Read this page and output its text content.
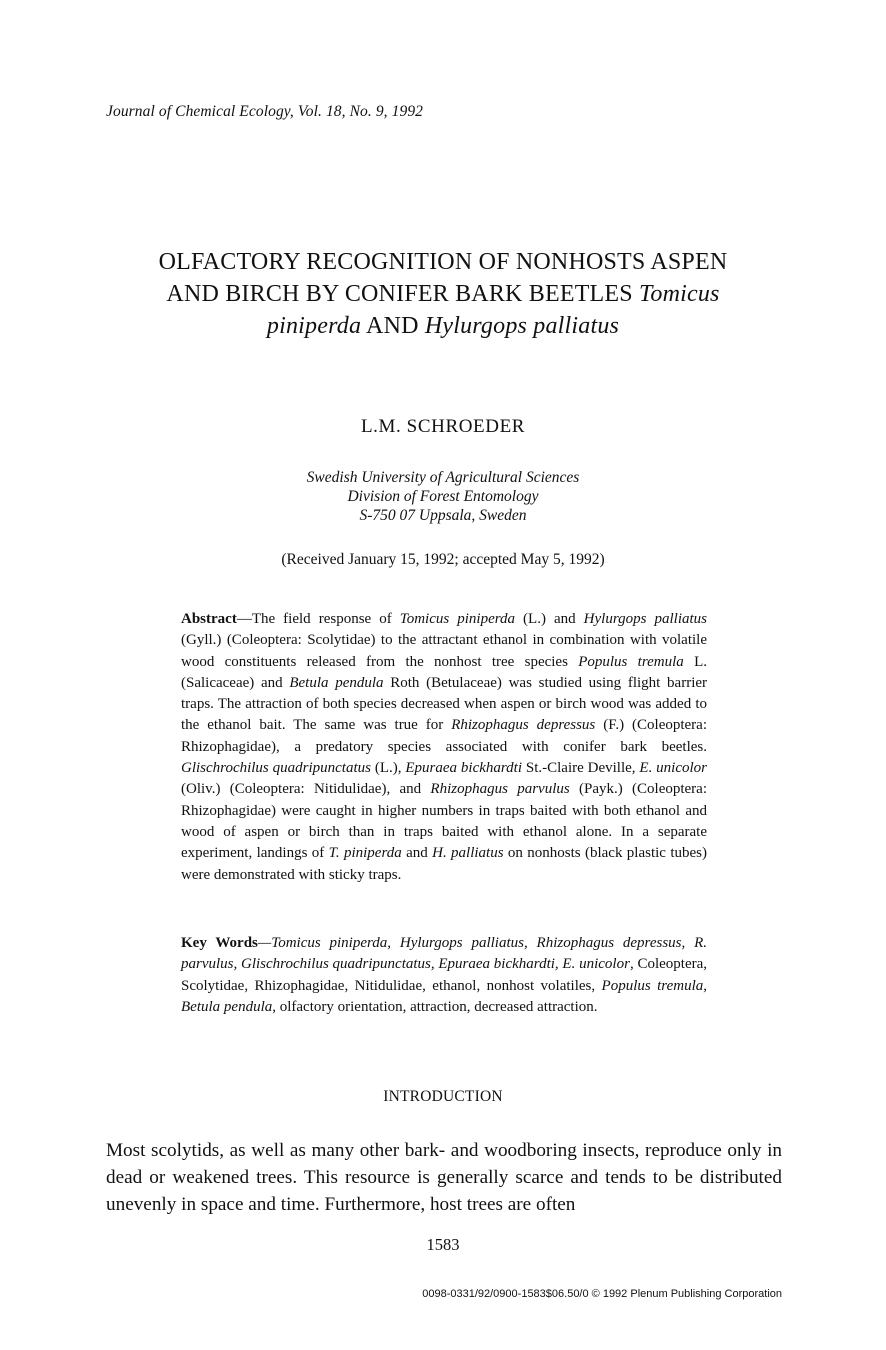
Journal of Chemical Ecology, Vol. 18, No. 9, 1992
OLFACTORY RECOGNITION OF NONHOSTS ASPEN
AND BIRCH BY CONIFER BARK BEETLES Tomicus
piniperda AND Hylurgops palliatus
L.M. SCHROEDER
Swedish University of Agricultural Sciences
Division of Forest Entomology
S-750 07 Uppsala, Sweden
(Received January 15, 1992; accepted May 5, 1992)
Abstract—The field response of Tomicus piniperda (L.) and Hylurgops palliatus (Gyll.) (Coleoptera: Scolytidae) to the attractant ethanol in combination with volatile wood constituents released from the nonhost tree species Populus tremula L. (Salicaceae) and Betula pendula Roth (Betulaceae) was studied using flight barrier traps. The attraction of both species decreased when aspen or birch wood was added to the ethanol bait. The same was true for Rhizophagus depressus (F.) (Coleoptera: Rhizophagidae), a predatory species associated with conifer bark beetles. Glischrochilus quadripunctatus (L.), Epuraea bickhardti St.-Claire Deville, E. unicolor (Oliv.) (Coleoptera: Nitidulidae), and Rhizophagus parvulus (Payk.) (Coleoptera: Rhizophagidae) were caught in higher numbers in traps baited with both ethanol and wood of aspen or birch than in traps baited with ethanol alone. In a separate experiment, landings of T. piniperda and H. palliatus on nonhosts (black plastic tubes) were demonstrated with sticky traps.
Key Words—Tomicus piniperda, Hylurgops palliatus, Rhizophagus depressus, R. parvulus, Glischrochilus quadripunctatus, Epuraea bickhardti, E. unicolor, Coleoptera, Scolytidae, Rhizophagidae, Nitidulidae, ethanol, nonhost volatiles, Populus tremula, Betula pendula, olfactory orientation, attraction, decreased attraction.
INTRODUCTION
Most scolytids, as well as many other bark- and woodboring insects, reproduce only in dead or weakened trees. This resource is generally scarce and tends to be distributed unevenly in space and time. Furthermore, host trees are often
1583
0098-0331/92/0900-1583$06.50/0 © 1992 Plenum Publishing Corporation
